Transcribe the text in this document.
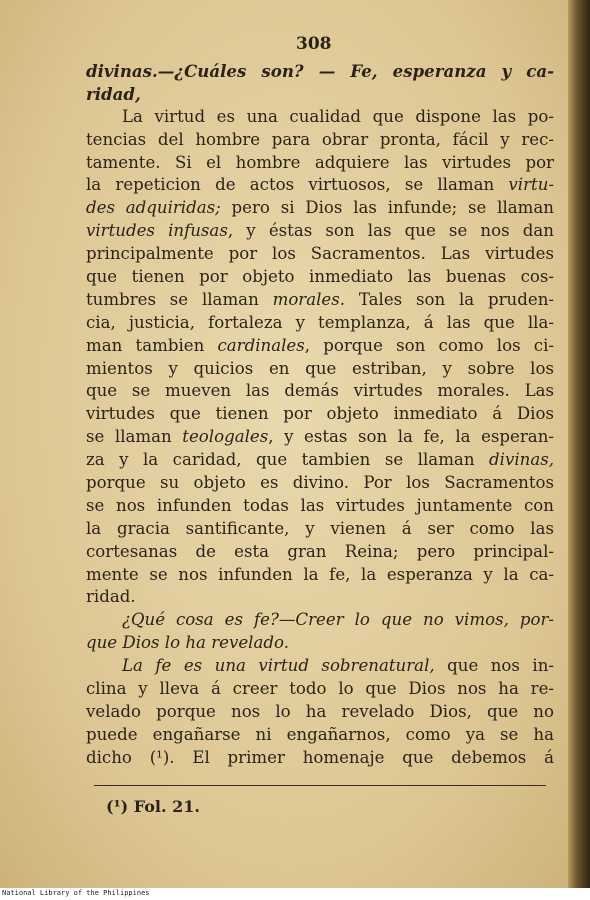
308
divinas.—¿Cuáles son? — Fe, esperanza y ca-
ridad,
La virtud es una cualidad que dispone las po-
tencias del hombre para obrar pronta, fácil y rec-
tamente. Si el hombre adquiere las virtudes por
la repeticion de actos virtuosos, se llaman virtu-
des adquiridas; pero si Dios las infunde; se llaman
virtudes infusas, y éstas son las que se nos dan
principalmente por los Sacramentos. Las virtudes
que tienen por objeto inmediato las buenas cos-
tumbres se llaman morales. Tales son la pruden-
cia, justicia, fortaleza y templanza, á las que lla-
man tambien cardinales, porque son como los ci-
mientos y quicios en que estriban, y sobre los
que se mueven las demás virtudes morales. Las
virtudes que tienen por objeto inmediato á Dios
se llaman teologales, y estas son la fe, la esperan-
za y la caridad, que tambien se llaman divinas,
porque su objeto es divino. Por los Sacramentos
se nos infunden todas las virtudes juntamente con
la gracia santificante, y vienen á ser como las
cortesanas de esta gran Reina; pero principal-
mente se nos infunden la fe, la esperanza y la ca-
ridad.
¿Qué cosa es fe?—Creer lo que no vimos, por-
que Dios lo ha revelado.
La fe es una virtud sobrenatural, que nos in-
clina y lleva á creer todo lo que Dios nos ha re-
velado porque nos lo ha revelado Dios, que no
puede engañarse ni engañarnos, como ya se ha
dicho (¹). El primer homenaje que debemos á
(¹) Fol. 21.
National Library of the Philippines
